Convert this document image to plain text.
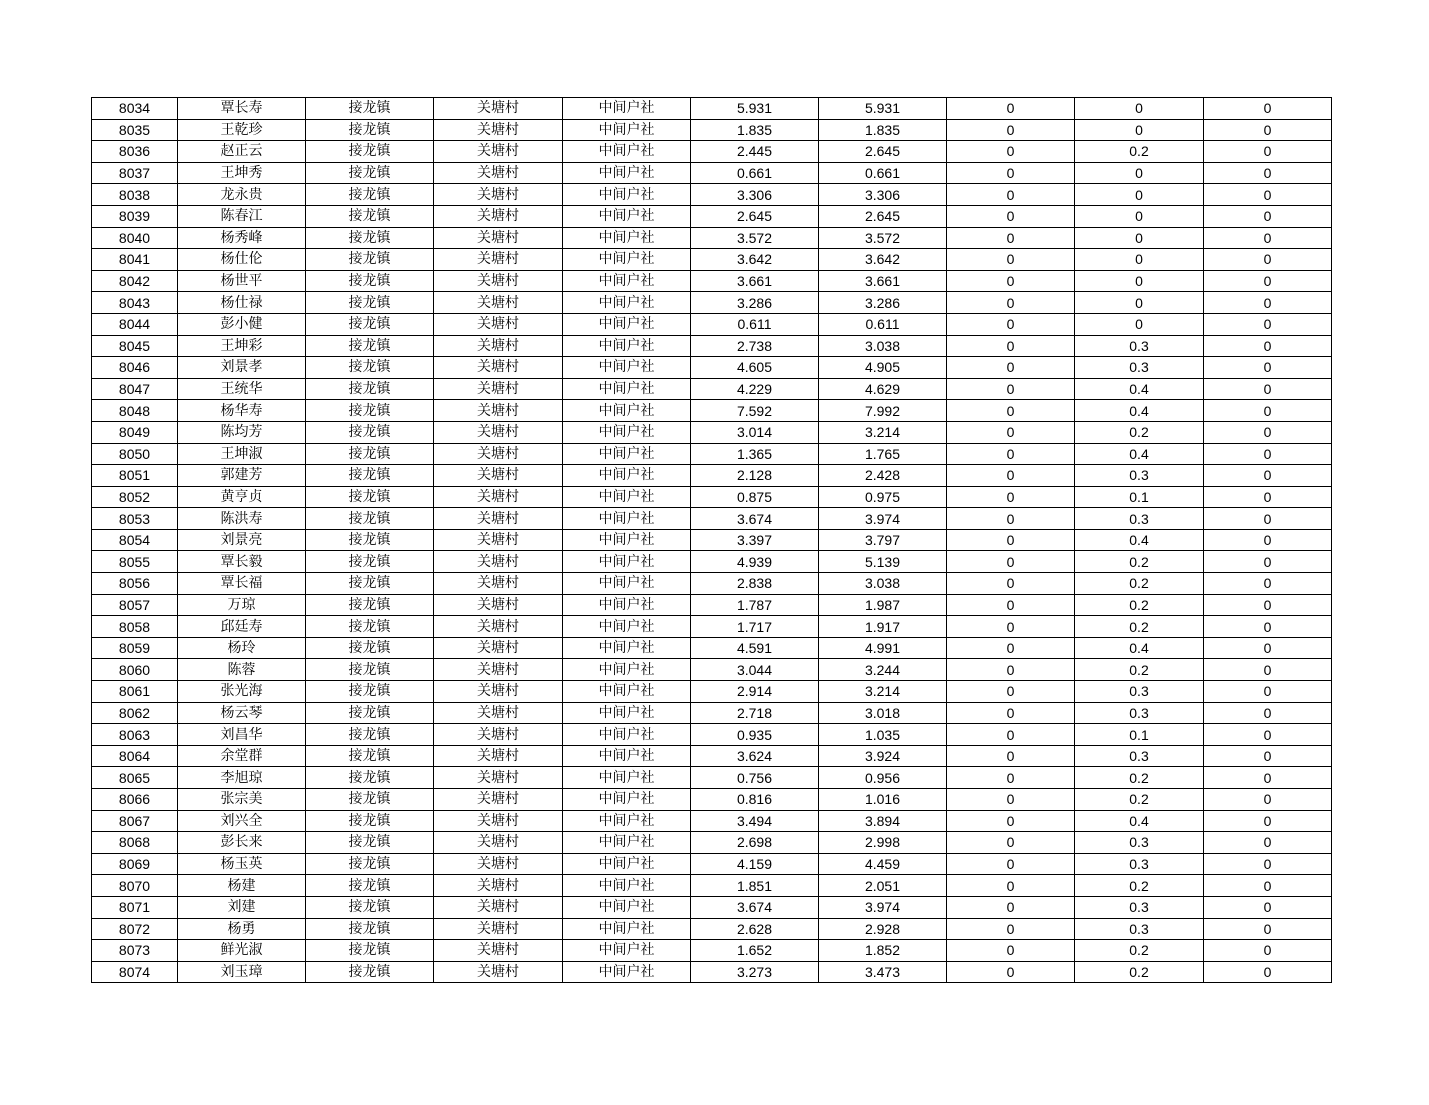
8034	覃长寿	接龙镇	关塘村	中间户社	5.931	5.931	0	0	0
8035	王乾珍	接龙镇	关塘村	中间户社	1.835	1.835	0	0	0
8036	赵正云	接龙镇	关塘村	中间户社	2.445	2.645	0	0.2	0
8037	王坤秀	接龙镇	关塘村	中间户社	0.661	0.661	0	0	0
8038	龙永贵	接龙镇	关塘村	中间户社	3.306	3.306	0	0	0
8039	陈春江	接龙镇	关塘村	中间户社	2.645	2.645	0	0	0
8040	杨秀峰	接龙镇	关塘村	中间户社	3.572	3.572	0	0	0
8041	杨仕伦	接龙镇	关塘村	中间户社	3.642	3.642	0	0	0
8042	杨世平	接龙镇	关塘村	中间户社	3.661	3.661	0	0	0
8043	杨仕禄	接龙镇	关塘村	中间户社	3.286	3.286	0	0	0
8044	彭小健	接龙镇	关塘村	中间户社	0.611	0.611	0	0	0
8045	王坤彩	接龙镇	关塘村	中间户社	2.738	3.038	0	0.3	0
8046	刘景孝	接龙镇	关塘村	中间户社	4.605	4.905	0	0.3	0
8047	王统华	接龙镇	关塘村	中间户社	4.229	4.629	0	0.4	0
8048	杨华寿	接龙镇	关塘村	中间户社	7.592	7.992	0	0.4	0
8049	陈均芳	接龙镇	关塘村	中间户社	3.014	3.214	0	0.2	0
8050	王坤淑	接龙镇	关塘村	中间户社	1.365	1.765	0	0.4	0
8051	郭建芳	接龙镇	关塘村	中间户社	2.128	2.428	0	0.3	0
8052	黄亨贞	接龙镇	关塘村	中间户社	0.875	0.975	0	0.1	0
8053	陈洪寿	接龙镇	关塘村	中间户社	3.674	3.974	0	0.3	0
8054	刘景亮	接龙镇	关塘村	中间户社	3.397	3.797	0	0.4	0
8055	覃长毅	接龙镇	关塘村	中间户社	4.939	5.139	0	0.2	0
8056	覃长福	接龙镇	关塘村	中间户社	2.838	3.038	0	0.2	0
8057	万琼	接龙镇	关塘村	中间户社	1.787	1.987	0	0.2	0
8058	邱廷寿	接龙镇	关塘村	中间户社	1.717	1.917	0	0.2	0
8059	杨玲	接龙镇	关塘村	中间户社	4.591	4.991	0	0.4	0
8060	陈蓉	接龙镇	关塘村	中间户社	3.044	3.244	0	0.2	0
8061	张光海	接龙镇	关塘村	中间户社	2.914	3.214	0	0.3	0
8062	杨云琴	接龙镇	关塘村	中间户社	2.718	3.018	0	0.3	0
8063	刘昌华	接龙镇	关塘村	中间户社	0.935	1.035	0	0.1	0
8064	余堂群	接龙镇	关塘村	中间户社	3.624	3.924	0	0.3	0
8065	李旭琼	接龙镇	关塘村	中间户社	0.756	0.956	0	0.2	0
8066	张宗美	接龙镇	关塘村	中间户社	0.816	1.016	0	0.2	0
8067	刘兴全	接龙镇	关塘村	中间户社	3.494	3.894	0	0.4	0
8068	彭长来	接龙镇	关塘村	中间户社	2.698	2.998	0	0.3	0
8069	杨玉英	接龙镇	关塘村	中间户社	4.159	4.459	0	0.3	0
8070	杨建	接龙镇	关塘村	中间户社	1.851	2.051	0	0.2	0
8071	刘建	接龙镇	关塘村	中间户社	3.674	3.974	0	0.3	0
8072	杨勇	接龙镇	关塘村	中间户社	2.628	2.928	0	0.3	0
8073	鲜光淑	接龙镇	关塘村	中间户社	1.652	1.852	0	0.2	0
8074	刘玉璋	接龙镇	关塘村	中间户社	3.273	3.473	0	0.2	0
